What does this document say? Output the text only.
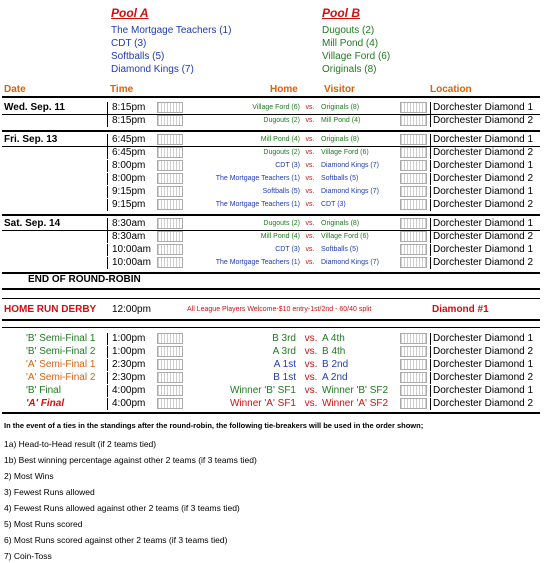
Pool A	Pool B
Date	Time	Home	Visitor	Location
The Mortgage Teachers (1)
CDT (3)
Softballs (5)
Diamond Kings (7)
Dugouts (2)
Mill Pond (4)
Village Ford (6)
Originals (8)
Wed. Sep. 11	8:15pm	Village Ford (6) vs. Originals (8)	Dorchester Diamond 1
8:15pm	Dugouts (2) vs. Mill Pond (4)	Dorchester Diamond 2
Fri. Sep. 13	6:45pm	Mill Pond (4) vs. Originals (8)	Dorchester Diamond 1
6:45pm	Dugouts (2) vs. Village Ford (6)	Dorchester Diamond 2
8:00pm	CDT (3) vs. Diamond Kings (7)	Dorchester Diamond 1
8:00pm	The Mortgage Teachers (1) vs. Softballs (5)	Dorchester Diamond 2
9:15pm	Softballs (5) vs. Diamond Kings (7)	Dorchester Diamond 1
9:15pm	The Mortgage Teachers (1) vs. CDT (3)	Dorchester Diamond 2
Sat. Sep. 14	8:30am	Dugouts (2) vs. Originals (8)	Dorchester Diamond 1
8:30am	Mill Pond (4) vs. Village Ford (6)	Dorchester Diamond 2
10:00am	CDT (3) vs. Softballs (5)	Dorchester Diamond 1
10:00am	The Mortgage Teachers (1) vs. Diamond Kings (7)	Dorchester Diamond 2
END OF ROUND-ROBIN
HOME RUN DERBY 12:00pm	All League Players Welcome-$10 entry-1st/2nd - 60/40 split	Diamond #1
'B' Semi-Final 1 1:00pm	B 3rd vs. A 4th	Dorchester Diamond 1
'B' Semi-Final 2 1:00pm	A 3rd vs. B 4th	Dorchester Diamond 2
'A' Semi-Final 1 2:30pm	A 1st vs. B 2nd	Dorchester Diamond 1
'A' Semi-Final 2 2:30pm	B 1st vs. A 2nd	Dorchester Diamond 2
'B' Final	4:00pm	Winner 'B' SF1 vs. Winner 'B' SF2	Dorchester Diamond 1
'A' Final	4:00pm	Winner 'A' SF1 vs. Winner 'A' SF2	Dorchester Diamond 2
In the event of a ties in the standings after the round-robin, the following tie-breakers will be used in the order shown;
1a) Head-to-Head result (if 2 teams tied)
1b) Best winning percentage against other 2 teams (if 3 teams tied)
2) Most Wins
3) Fewest Runs allowed
4) Fewest Runs allowed against other 2 teams (if 3 teams tied)
5) Most Runs scored
6) Most Runs scored against other 2 teams (if 3 teams tied)
7) Coin-Toss
